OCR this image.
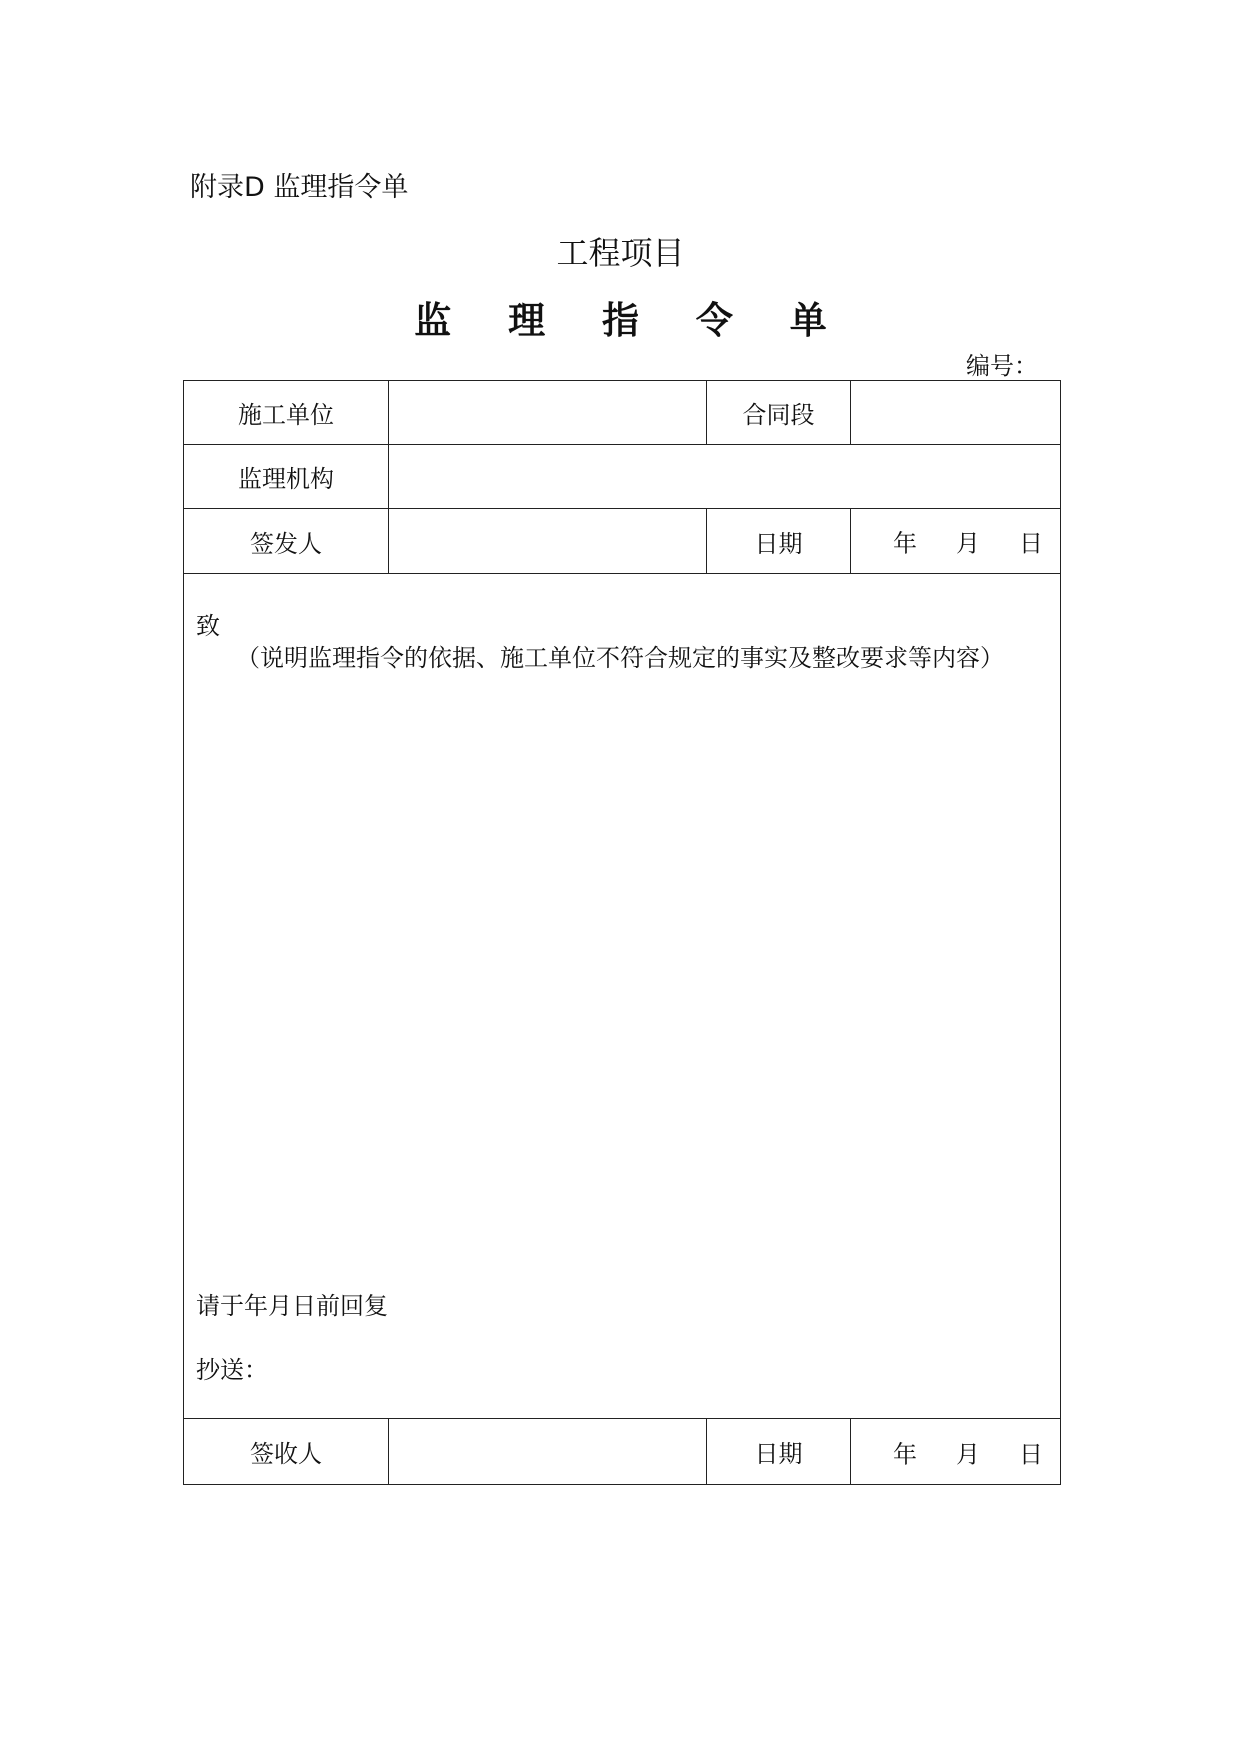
附录D 监理指令单
工程项目
监 理 指 令 单
编号：
施工单位		合同段	
监理机构			
签发人		日期	年 月 日

致
（说明监理指令的依据、施工单位不符合规定的事实及整改要求等内容）
请于年月日前回复
抄送：			

签收人		日期	年 月 日
